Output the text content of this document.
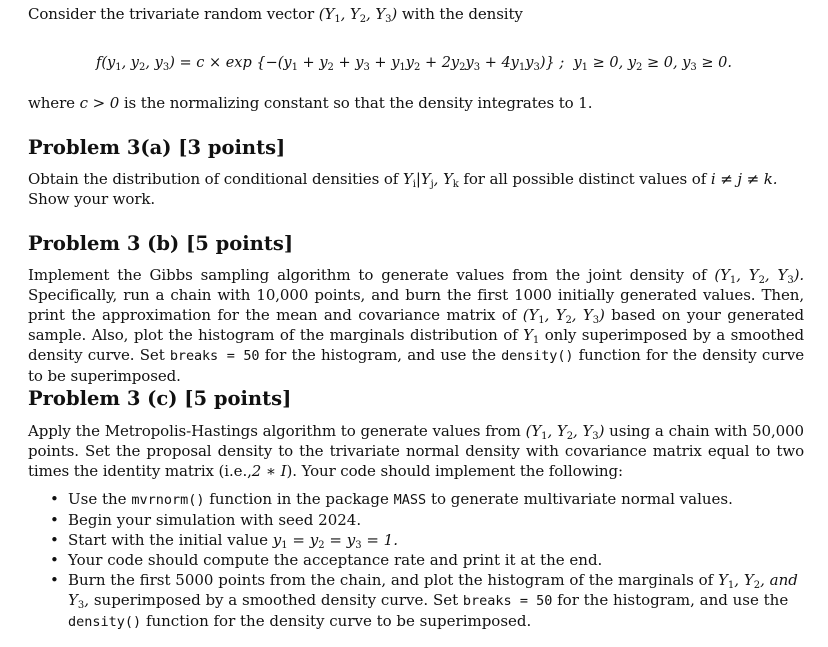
Consider the trivariate random vector ($Y_1$, $Y_2$, $Y_3$) with the density

$f(y_1$, $y_2$, $y_3) = c \times \exp \{-(y_1 + y_2 + y_3 + y_1y_2 + 2y_2y_3 + 4y_1y_3)\}$ ;  $y_1 \ge 0$, $y_2 \ge 0$, $y_3 \ge 0$.

where c > 0 is the normalizing constant so that the density integrates to 1.

Problem 3(a) [3 points]

Obtain the distribution of conditional densities of $Y_i|Y_j$, $Y_k$ for all possible distinct values of i ≠ j ≠ k. Show your work.

Problem 3 (b) [5 points]

Implement the Gibbs sampling algorithm to generate values from the joint density of ($Y_1$, $Y_2$, $Y_3$). Specifically, run a chain with 10,000 points, and burn the first 1000 initially generated values. Then, print the approximation for the mean and covariance matrix of ($Y_1$, $Y_2$, $Y_3$) based on your generated sample. Also, plot the histogram of the marginals distribution of $Y_1$ only superimposed by a smoothed density curve. Set breaks = 50 for the histogram, and use the density() function for the density curve to be superimposed.

Problem 3 (c) [5 points]

Apply the Metropolis-Hastings algorithm to generate values from ($Y_1$, $Y_2$, $Y_3$) using a chain with 50,000 points. Set the proposal density to the trivariate normal density with covariance matrix equal to two times the identity matrix (i.e.,2 ∗ I). Your code should implement the following:

• Use the mvrnorm() function in the package MASS to generate multivariate normal values.
• Begin your simulation with seed 2024.
• Start with the initial value $y_1 = y_2 = y_3 = 1$.
• Your code should compute the acceptance rate and print it at the end.
• Burn the first 5000 points from the chain, and plot the histogram of the marginals of $Y_1$, $Y_2$, and $Y_3$, superimposed by a smoothed density curve. Set breaks = 50 for the histogram, and use the density() function for the density curve to be superimposed.
